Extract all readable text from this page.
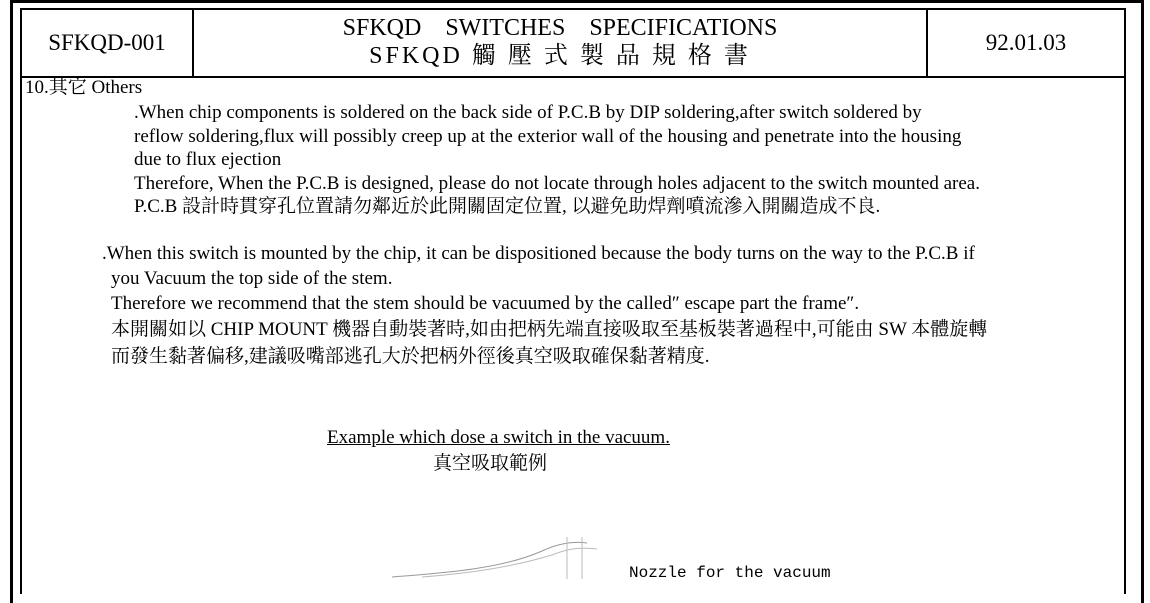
SFKQD-001
SFKQD SWITCHES SPECIFICATIONS
SFKQD 觸 壓 式 製 品 規 格 書
92.01.03
10.其它 Others
.When chip components is soldered on the back side of P.C.B by DIP soldering,after switch soldered by
reflow soldering,flux will possibly creep up at the exterior wall of the housing and penetrate into the housing
due to flux ejection
Therefore, When the P.C.B is designed, please do not locate through holes adjacent to the switch mounted area.
P.C.B 設計時貫穿孔位置請勿鄰近於此開關固定位置, 以避免助焊劑噴流滲入開關造成不良.
.When this switch is mounted by the chip, it can be dispositioned because the body turns on the way to the P.C.B if
you Vacuum the top side of the stem.
Therefore we recommend that the stem should be vacuumed by the called″ escape part the frame″.
本開關如以 CHIP MOUNT 機器自動裝著時,如由把柄先端直接吸取至基板裝著過程中,可能由 SW 本體旋轉
而發生黏著偏移,建議吸嘴部逃孔大於把柄外徑後真空吸取確保黏著精度.
Example which dose a switch in the vacuum.
真空吸取範例
Nozzle for the vacuum
